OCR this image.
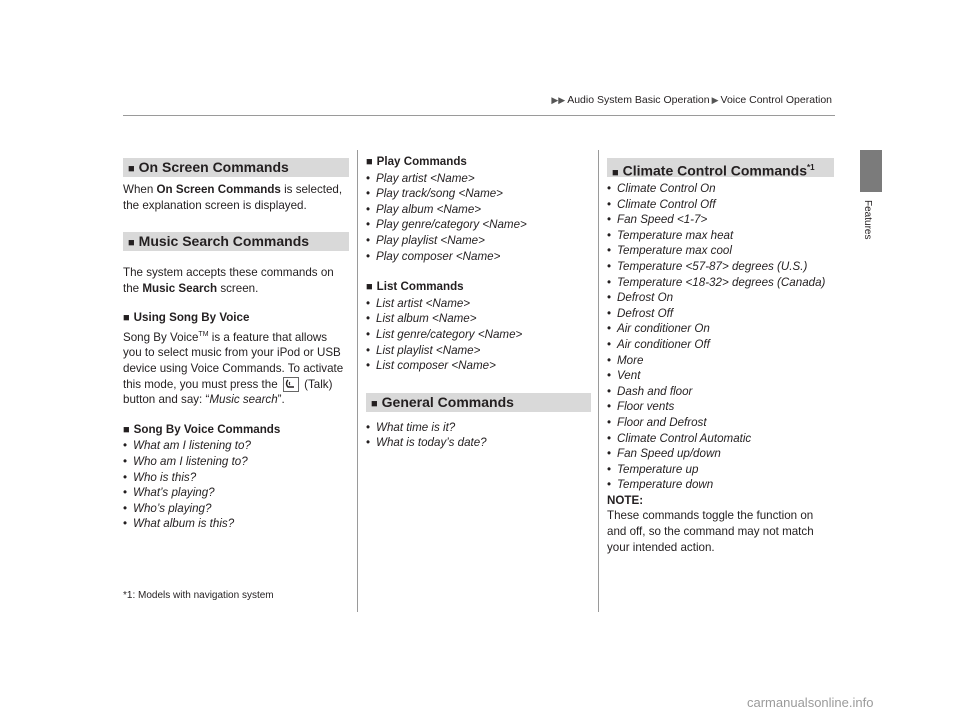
▶▶ Audio System Basic Operation ▶ Voice Control Operation
Features
■ On Screen Commands

When On Screen Commands is selected, the explanation screen is displayed.

■ Music Search Commands

The system accepts these commands on the Music Search screen.

■ Using Song By Voice

Song By Voice™ is a feature that allows you to select music from your iPod or USB device using Voice Commands. To activate this mode, you must press the
(Talk) button and say: “Music search”.

■ Song By Voice Commands
• What am I listening to?
• Who am I listening to?
• Who is this?
• What’s playing?
• Who’s playing?
• What album is this?
*1: Models with navigation system
■ Play Commands
• Play artist <Name>
• Play track/song <Name>
• Play album <Name>
• Play genre/category <Name>
• Play playlist <Name>
• Play composer <Name>
■ List Commands
• List artist <Name>
• List album <Name>
• List genre/category <Name>
• List playlist <Name>
• List composer <Name>
■ General Commands
• What time is it?
• What is today’s date?
■ Climate Control Commands$^{*1}$
• Climate Control On
• Climate Control Off
• Fan Speed <1-7>
• Temperature max heat
• Temperature max cool
• Temperature <57-87> degrees (U.S.)
• Temperature <18-32> degrees (Canada)
• Defrost On
• Defrost Off
• Air conditioner On
• Air conditioner Off
• More
• Vent
• Dash and floor
• Floor vents
• Floor and Defrost
• Climate Control Automatic
• Fan Speed up/down
• Temperature up
• Temperature down
NOTE:

These commands toggle the function on and off, so the command may not match your intended action.

carmanualsonline.info
